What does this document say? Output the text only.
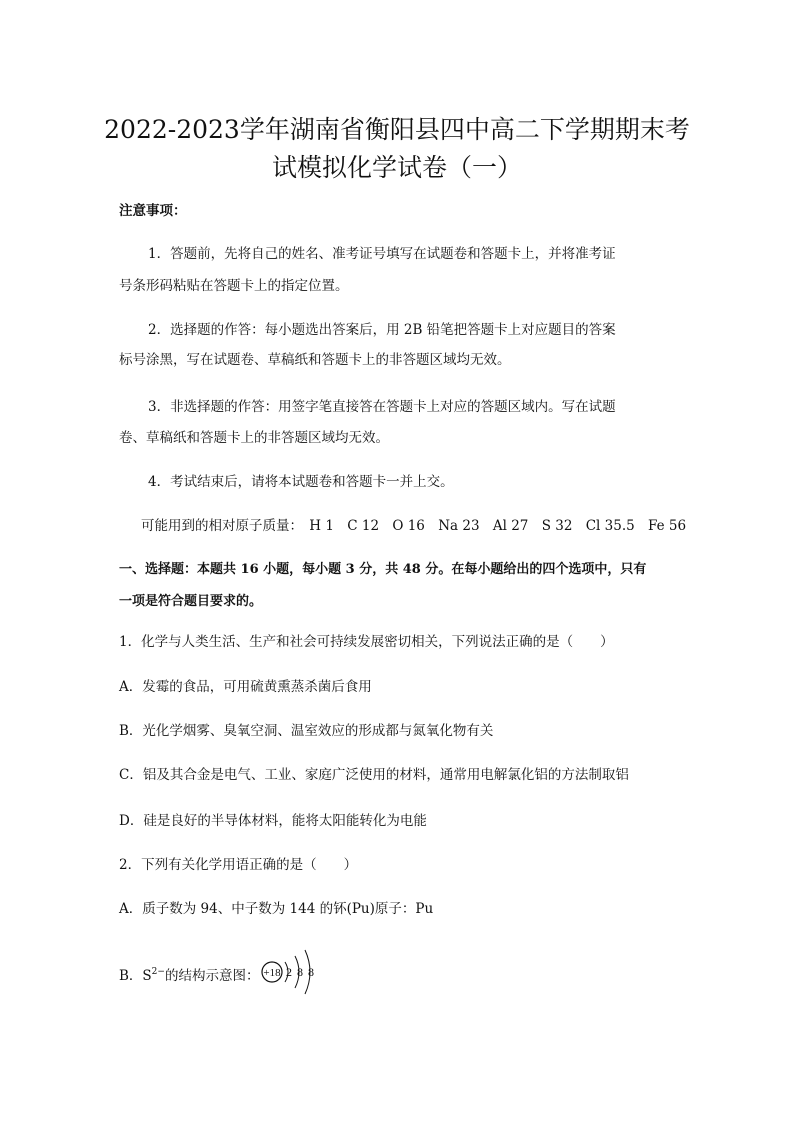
2022-2023学年湖南省衡阳县四中高二下学期期末考
试模拟化学试卷（一）

注意事项：

1．答题前，先将自己的姓名、准考证号填写在试题卷和答题卡上，并将准考证

号条形码粘贴在答题卡上的指定位置。

2．选择题的作答：每小题选出答案后，用 2B 铅笔把答题卡上对应题目的答案

标号涂黑，写在试题卷、草稿纸和答题卡上的非答题区域均无效。

3．非选择题的作答：用签字笔直接答在答题卡上对应的答题区域内。写在试题

卷、草稿纸和答题卡上的非答题区域均无效。

4．考试结束后，请将本试题卷和答题卡一并上交。

可能用到的相对原子质量： H 1 C 12 O 16 Na 23 Al 27 S 32 Cl 35.5 Fe 56

一、选择题：本题共 16 小题，每小题 3 分，共 48 分。在每小题给出的四个选项中，只有

一项是符合题目要求的。

1．化学与人类生活、生产和社会可持续发展密切相关，下列说法正确的是（　　）

A．发霉的食品，可用硫黄熏蒸杀菌后食用

B．光化学烟雾、臭氧空洞、温室效应的形成都与氮氧化物有关

C．铝及其合金是电气、工业、家庭广泛使用的材料，通常用电解氯化铝的方法制取铝

D．硅是良好的半导体材料，能将太阳能转化为电能

2．下列有关化学用语正确的是（　　）

A．质子数为 94、中子数为 144 的钚(Pu)原子：Pu

B．$S^{2-}$的结构示意图： +18 2 8 8
